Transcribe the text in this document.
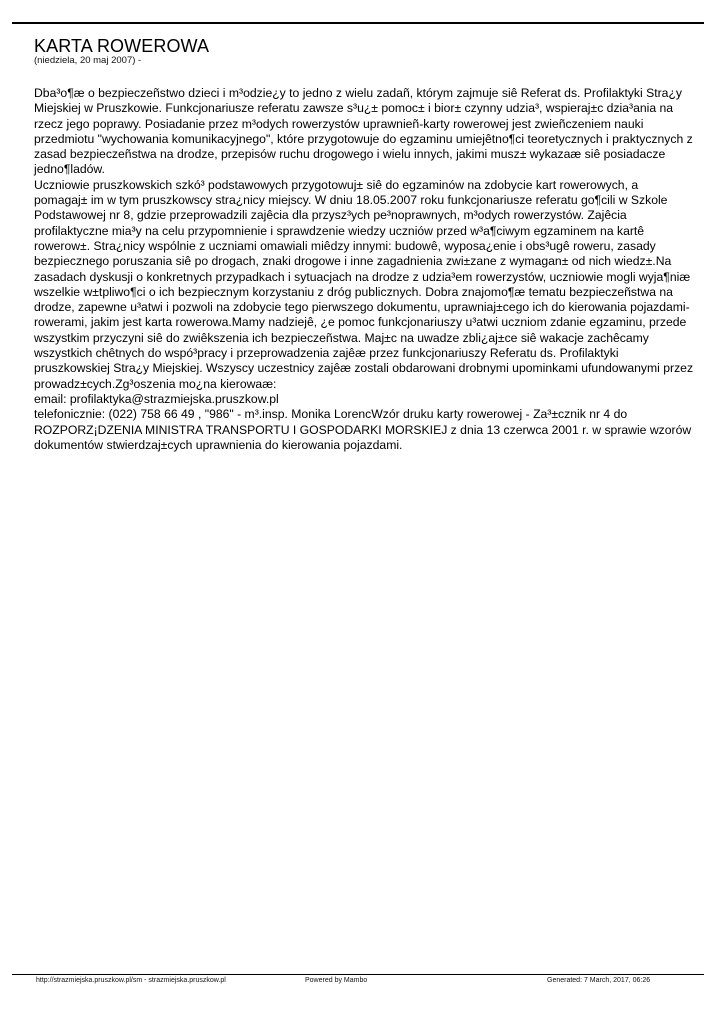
KARTA ROWEROWA
(niedziela, 20 maj 2007) -

Dba³o¶æ o bezpieczeñstwo dzieci i m³odzie¿y to jedno z wielu zadañ, którym zajmuje siê Referat ds. Profilaktyki Stra¿y Miejskiej w Pruszkowie. Funkcjonariusze referatu zawsze s³u¿± pomoc± i bior± czynny udzia³, wspieraj±c dzia³ania na rzecz jego poprawy. Posiadanie przez m³odych rowerzystów uprawnieñ-karty rowerowej jest zwieñczeniem nauki przedmiotu "wychowania komunikacyjnego", które przygotowuje do egzaminu umiejêtno¶ci teoretycznych i praktycznych z zasad bezpieczeñstwa na drodze, przepisów ruchu drogowego i wielu innych, jakimi musz± wykazaæ siê posiadacze jedno¶ladów.

Uczniowie pruszkowskich szkó³ podstawowych przygotowuj± siê do egzaminów na zdobycie kart rowerowych, a pomagaj± im w tym pruszkowscy stra¿nicy miejscy. W dniu 18.05.2007 roku funkcjonariusze referatu go¶cili w Szkole Podstawowej nr 8, gdzie przeprowadzili zajêcia dla przysz³ych pe³noprawnych, m³odych rowerzystów. Zajêcia profilaktyczne mia³y na celu przypomnienie i sprawdzenie wiedzy uczniów przed w³a¶ciwym egzaminem na kartê rowerow±. Stra¿nicy wspólnie z uczniami omawiali miêdzy innymi: budowê, wyposa¿enie i obs³ugê roweru, zasady bezpiecznego poruszania siê po drogach, znaki drogowe i inne zagadnienia zwi±zane z wymagan± od nich wiedz±.Na zasadach dyskusji o konkretnych przypadkach i sytuacjach na drodze z udzia³em rowerzystów, uczniowie mogli wyja¶niæ wszelkie w±tpliwo¶ci o ich bezpiecznym korzystaniu z dróg publicznych. Dobra znajomo¶æ tematu bezpieczeñstwa na drodze, zapewne u³atwi i pozwoli na zdobycie tego pierwszego dokumentu, uprawniaj±cego ich do kierowania pojazdami- rowerami, jakim jest karta rowerowa.Mamy nadziejê, ¿e pomoc funkcjonariuszy u³atwi uczniom zdanie egzaminu, przede wszystkim przyczyni siê do zwiêkszenia ich bezpieczeñstwa. Maj±c na uwadze zbli¿aj±ce siê wakacje zachêcamy wszystkich chêtnych do wspó³pracy i przeprowadzenia zajêæ przez funkcjonariuszy Referatu ds. Profilaktyki pruszkowskiej Stra¿y Miejskiej. Wszyscy uczestnicy zajêæ zostali obdarowani drobnymi upominkami ufundowanymi przez prowadz±cych.Zg³oszenia mo¿na kierowaæ:

email: profilaktyka@strazmiejska.pruszkow.pl

telefonicznie: (022) 758 66 49 , "986" - m³.insp. Monika LorencWzór druku karty rowerowej - Za³±cznik nr 4 do ROZPORZ¡DZENIA MINISTRA TRANSPORTU I GOSPODARKI MORSKIEJ z dnia 13 czerwca 2001 r. w sprawie wzorów dokumentów stwierdzaj±cych uprawnienia do kierowania pojazdami.

http://strazmiejska.pruszkow.pl/sm - strazmiejska.pruszkow.pl	Powered by Mambo	Generated: 7 March, 2017, 06:26
